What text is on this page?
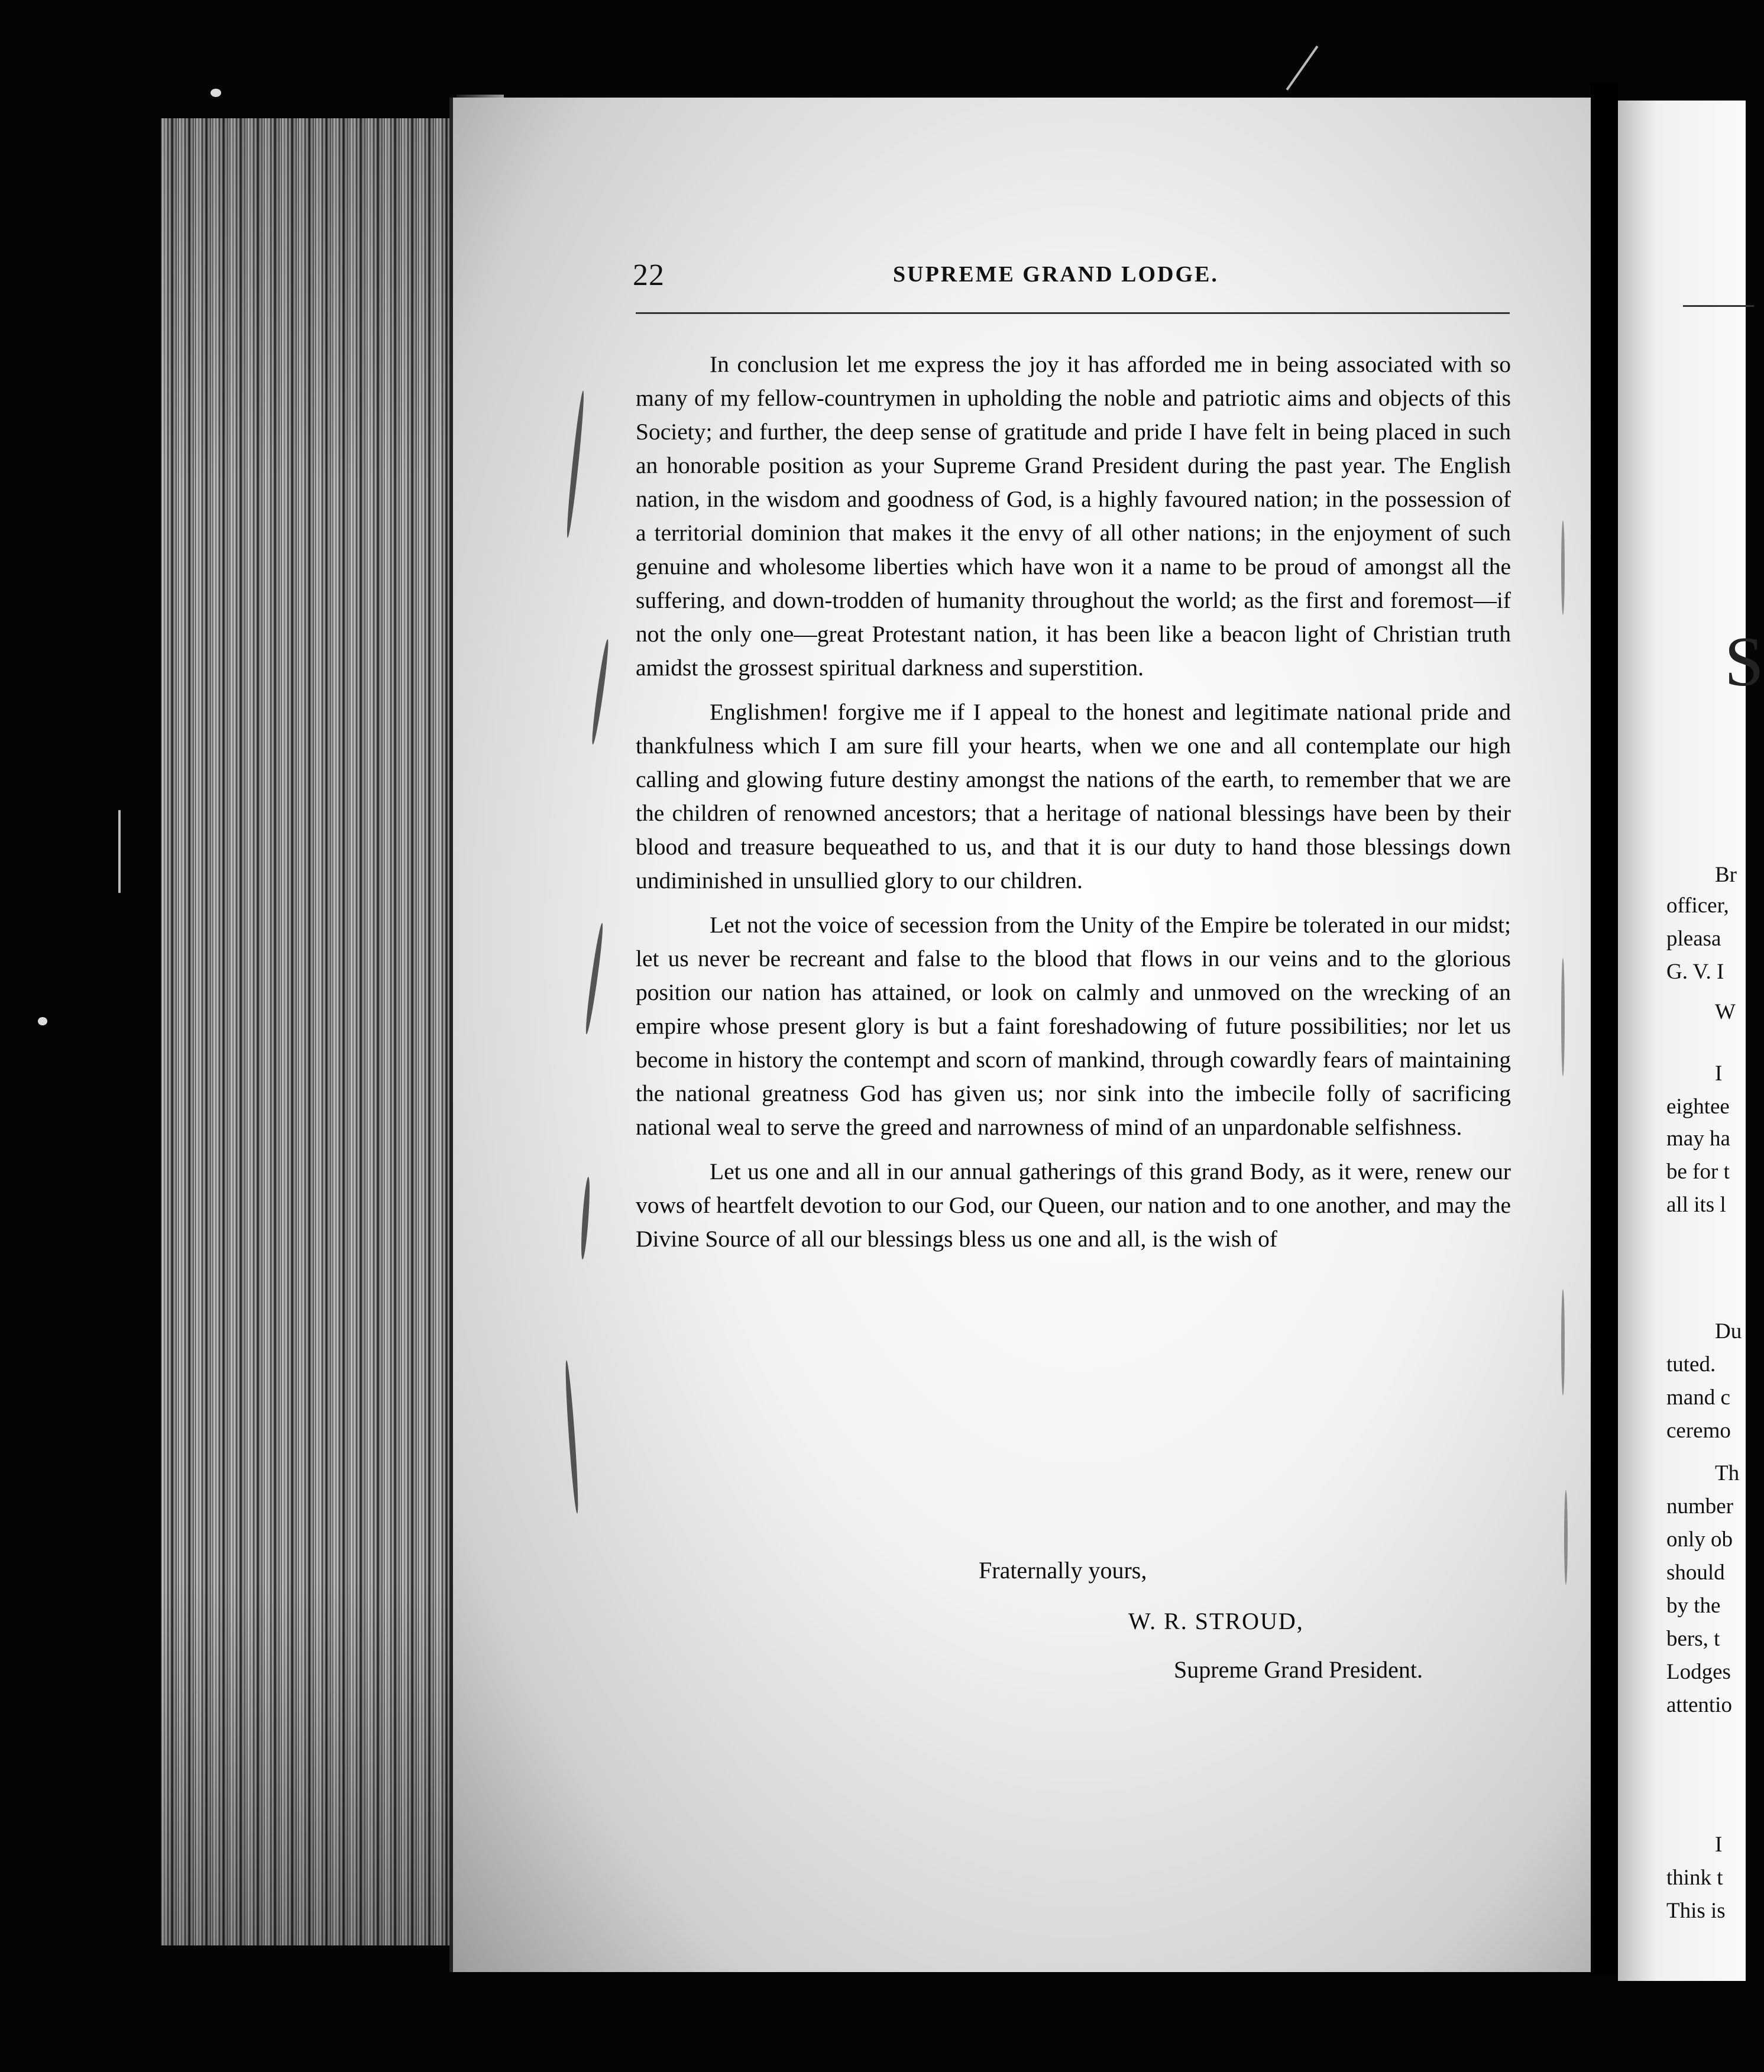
S
Br
officer,
pleasa
G. V. I
W
I
eightee
may ha
be for t
all its l
Du
tuted.
mand c
ceremo
Th
number
only ob
should
by the
bers, t
Lodges
attentio
I
think t
This is
22	SUPREME GRAND LODGE.

In conclusion let me express the joy it has afforded me in being associated with so many of my fellow-countrymen in upholding the noble and patriotic aims and objects of this Society; and further, the deep sense of gratitude and pride I have felt in being placed in such an honorable position as your Supreme Grand President during the past year. The English nation, in the wisdom and goodness of God, is a highly favoured nation; in the possession of a territorial dominion that makes it the envy of all other nations; in the enjoyment of such genuine and wholesome liberties which have won it a name to be proud of amongst all the suffering, and down-trodden of humanity throughout the world; as the first and foremost—if not the only one—great Protestant nation, it has been like a beacon light of Christian truth amidst the grossest spiritual darkness and superstition.

Englishmen! forgive me if I appeal to the honest and legitimate national pride and thankfulness which I am sure fill your hearts, when we one and all contemplate our high calling and glowing future destiny amongst the nations of the earth, to remember that we are the children of renowned ancestors; that a heritage of national blessings have been by their blood and treasure bequeathed to us, and that it is our duty to hand those blessings down undiminished in unsullied glory to our children.

Let not the voice of secession from the Unity of the Empire be tolerated in our midst; let us never be recreant and false to the blood that flows in our veins and to the glorious position our nation has attained, or look on calmly and unmoved on the wrecking of an empire whose present glory is but a faint foreshadowing of future possibilities; nor let us become in history the contempt and scorn of mankind, through cowardly fears of maintaining the national greatness God has given us; nor sink into the imbecile folly of sacrificing national weal to serve the greed and narrowness of mind of an unpardonable selfishness.

Let us one and all in our annual gatherings of this grand Body, as it were, renew our vows of heartfelt devotion to our God, our Queen, our nation and to one another, and may the Divine Source of all our blessings bless us one and all, is the wish of

Fraternally yours,
W. R. STROUD,
Supreme Grand President.
